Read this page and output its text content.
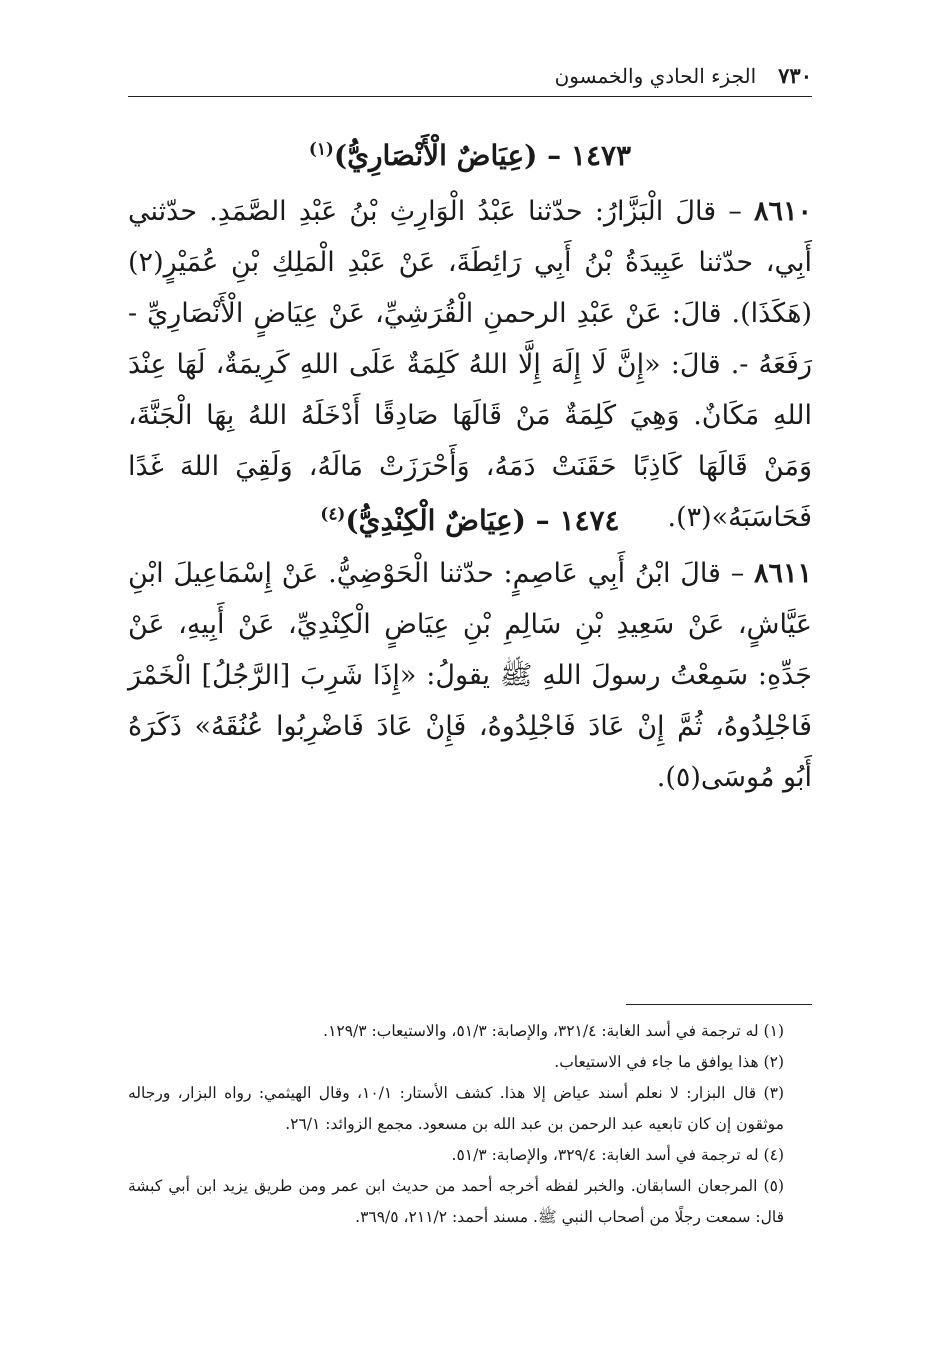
٧٣٠
الجزء الحادي والخمسون
١٤٧٣ – (عِيَاضٌ الْأَنْصَارِيُّ)$^{(١)}$
٨٦١٠ – قالَ الْبَزَّارُ: حدّثنا عَبْدُ الْوَارِثِ بْنُ عَبْدِ الصَّمَدِ. حدّثني أَبِي، حدّثنا عَبِيدَةُ بْنُ أَبِي رَائِطَةَ، عَنْ عَبْدِ الْمَلِكِ بْنِ عُمَيْرٍ(٢) (هَكَذَا). قالَ: عَنْ عَبْدِ الرحمنِ الْقُرَشِيِّ، عَنْ عِيَاضٍ الْأَنْصَارِيِّ - رَفَعَهُ -. قالَ: «إِنَّ لَا إِلَهَ إِلَّا اللهُ كَلِمَةٌ عَلَى اللهِ كَرِيمَةٌ، لَهَا عِنْدَ اللهِ مَكَانٌ. وَهِيَ كَلِمَةٌ مَنْ قَالَهَا صَادِقًا أَدْخَلَهُ اللهُ بِهَا الْجَنَّةَ، وَمَنْ قَالَهَا كَاذِبًا حَقَنَتْ دَمَهُ، وَأَحْرَزَتْ مَالَهُ، وَلَقِيَ اللهَ غَدًا فَحَاسَبَهُ»(٣).
١٤٧٤ – (عِيَاضٌ الْكِنْدِيُّ)$^{(٤)}$
٨٦١١ – قالَ ابْنُ أَبِي عَاصِمٍ: حدّثنا الْحَوْضِيُّ. عَنْ إِسْمَاعِيلَ ابْنِ عَيَّاشٍ، عَنْ سَعِيدِ بْنِ سَالِمِ بْنِ عِيَاضٍ الْكِنْدِيِّ، عَنْ أَبِيهِ، عَنْ جَدِّهِ: سَمِعْتُ رسولَ اللهِ ﷺ يقولُ: «إِذَا شَرِبَ [الرَّجُلُ] الْخَمْرَ فَاجْلِدُوهُ، ثُمَّ إِنْ عَادَ فَاجْلِدُوهُ، فَإِنْ عَادَ فَاضْرِبُوا عُنُقَهُ» ذَكَرَهُ أَبُو مُوسَى(٥).

(١) له ترجمة في أسد الغابة: ٣٢١/٤، والإصابة: ٥١/٣، والاستيعاب: ١٢٩/٣.

(٢) هذا يوافق ما جاء في الاستيعاب.

(٣) قال البزار: لا نعلم أسند عياض إلا هذا. كشف الأستار: ١٠/١، وقال الهيثمي: رواه البزار، ورجاله موثقون إن كان تابعيه عبد الرحمن بن عبد الله بن مسعود. مجمع الزوائد: ٢٦/١.

(٤) له ترجمة في أسد الغابة: ٣٢٩/٤، والإصابة: ٥١/٣.

(٥) المرجعان السابقان. والخبر لفظه أخرجه أحمد من حديث ابن عمر ومن طريق يزيد ابن أبي كبشة قال: سمعت رجلًا من أصحاب النبي ﷺ. مسند أحمد: ٢١١/٢، ٣٦٩/٥.
